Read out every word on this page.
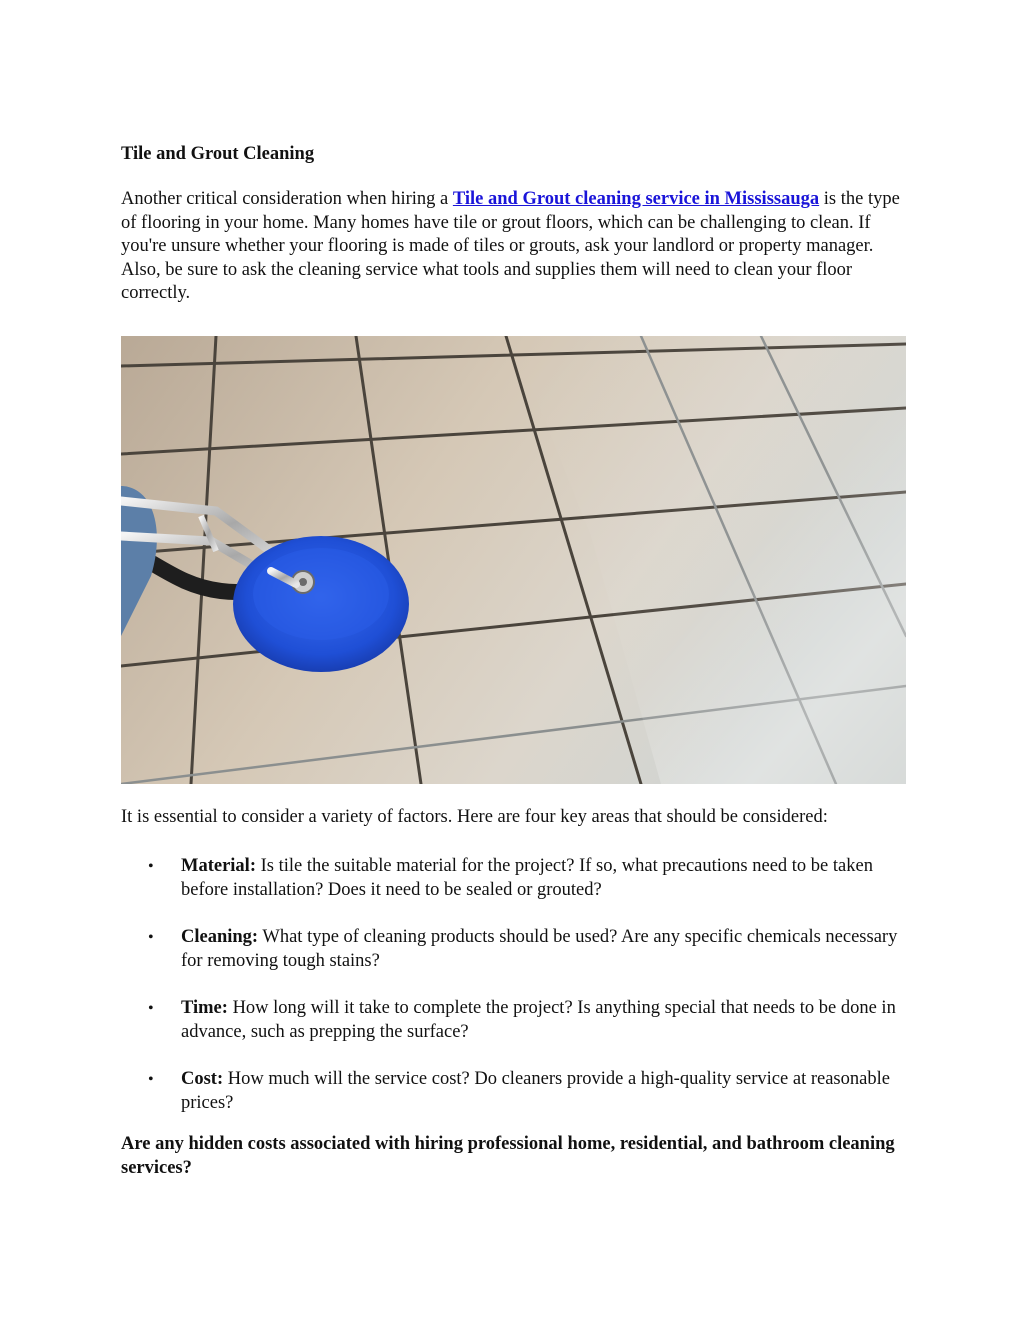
Tile and Grout Cleaning

Another critical consideration when hiring a Tile and Grout cleaning service in Mississauga is the type of flooring in your home. Many homes have tile or grout floors, which can be challenging to clean. If you're unsure whether your flooring is made of tiles or grouts, ask your landlord or property manager. Also, be sure to ask the cleaning service what tools and supplies them will need to clean your floor correctly.

It is essential to consider a variety of factors. Here are four key areas that should be considered:

• Material: Is tile the suitable material for the project? If so, what precautions need to be taken before installation? Does it need to be sealed or grouted?
• Cleaning: What type of cleaning products should be used? Are any specific chemicals necessary for removing tough stains?
• Time: How long will it take to complete the project? Is anything special that needs to be done in advance, such as prepping the surface?
• Cost: How much will the service cost? Do cleaners provide a high-quality service at reasonable prices?

Are any hidden costs associated with hiring professional home, residential, and bathroom cleaning services?
